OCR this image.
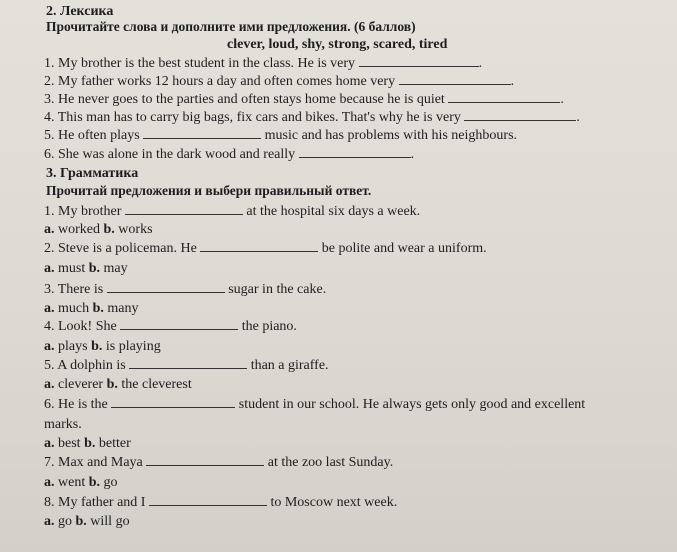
2. Лексика
Прочитайте слова и дополните ими предложения. (6 баллов)
clever, loud, shy, strong, scared, tired
1. My brother is the best student in the class. He is very	.
2. My father works 12 hours a day and often comes home very	.
3. He never goes to the parties and often stays home because he is quiet	.
4. This man has to carry big bags, fix cars and bikes. That's why he is very	.
5. He often plays	music and has problems with his neighbours.
6. She was alone in the dark wood and really	.
3. Грамматика
Прочитай предложения и выбери правильный ответ.
1. My brother	at the hospital six days a week.
a. worked b. works
2. Steve is a policeman. He	be polite and wear a uniform.
a. must b. may
3. There is	sugar in the cake.
a. much b. many
4. Look! She	the piano.
a. plays b. is playing
5. A dolphin is	than a giraffe.
a. cleverer b. the cleverest
6. He is the	student in our school. He always gets only good and excellent
marks.
a. best b. better
7. Max and Maya	at the zoo last Sunday.
a. went b. go
8. My father and I	to Moscow next week.
a. go b. will go
